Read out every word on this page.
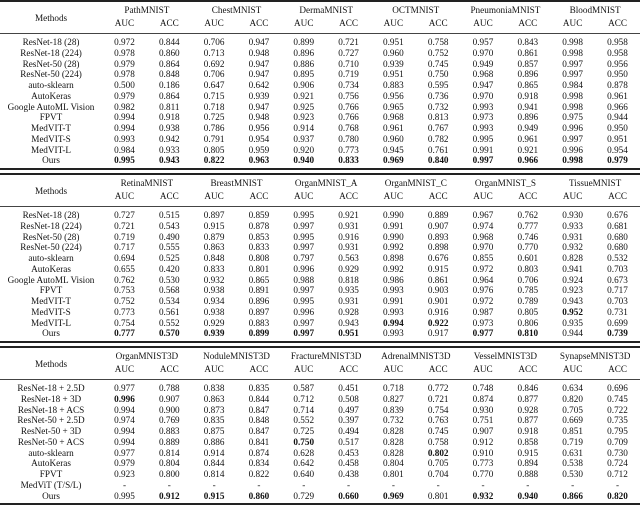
Methods	PathMNIST		ChestMNIST		DermaMNIST		OCTMNIST		PneumoniaMNIST		BloodMNIST	
	AUC	ACC	AUC	ACC	AUC	ACC	AUC	ACC	AUC	ACC	AUC	ACC
ResNet-18 (28)	0.972	0.844	0.706	0.947	0.899	0.721	0.951	0.758	0.957	0.843	0.998	0.958
ResNet-18 (224)	0.978	0.860	0.713	0.948	0.896	0.727	0.960	0.752	0.970	0.861	0.998	0.958
ResNet-50 (28)	0.979	0.864	0.692	0.947	0.886	0.710	0.939	0.745	0.949	0.857	0.997	0.956
ResNet-50 (224)	0.978	0.848	0.706	0.947	0.895	0.719	0.951	0.750	0.968	0.896	0.997	0.950
auto-sklearn	0.500	0.186	0.647	0.642	0.906	0.734	0.883	0.595	0.947	0.865	0.984	0.878
AutoKeras	0.979	0.864	0.715	0.939	0.921	0.756	0.956	0.736	0.970	0.918	0.998	0.961
Google AutoML Vision	0.982	0.811	0.718	0.947	0.925	0.766	0.965	0.732	0.993	0.941	0.998	0.966
FPVT	0.994	0.918	0.725	0.948	0.923	0.766	0.968	0.813	0.973	0.896	0.975	0.944
MedVIT-T	0.994	0.938	0.786	0.956	0.914	0.768	0.961	0.767	0.993	0.949	0.996	0.950
MedVIT-S	0.993	0.942	0.791	0.954	0.937	0.780	0.960	0.782	0.995	0.961	0.997	0.951
MedVIT-L	0.984	0.933	0.805	0.959	0.920	0.773	0.945	0.761	0.991	0.921	0.996	0.954
Ours	0.995	0.943	0.822	0.963	0.940	0.833	0.969	0.840	0.997	0.966	0.998	0.979
Methods	RetinaMNIST		BreastMNIST		OrganMNIST_A		OrganMNIST_C		OrganMNIST_S		TissueMNIST	
	AUC	ACC	AUC	ACC	AUC	ACC	AUC	ACC	AUC	ACC	AUC	ACC
ResNet-18 (28)	0.727	0.515	0.897	0.859	0.995	0.921	0.990	0.889	0.967	0.762	0.930	0.676
ResNet-18 (224)	0.721	0.543	0.915	0.878	0.997	0.931	0.991	0.907	0.974	0.777	0.933	0.681
ResNet-50 (28)	0.719	0.490	0.879	0.853	0.995	0.916	0.990	0.893	0.968	0.746	0.931	0.680
ResNet-50 (224)	0.717	0.555	0.863	0.833	0.997	0.931	0.992	0.898	0.970	0.770	0.932	0.680
auto-sklearn	0.694	0.525	0.848	0.808	0.797	0.563	0.898	0.676	0.855	0.601	0.828	0.532
AutoKeras	0.655	0.420	0.833	0.801	0.996	0.929	0.992	0.915	0.972	0.803	0.941	0.703
Google AutoML Vision	0.762	0.530	0.932	0.865	0.988	0.818	0.986	0.861	0.964	0.706	0.924	0.673
FPVT	0.753	0.568	0.938	0.891	0.997	0.935	0.993	0.903	0.976	0.785	0.923	0.717
MedVIT-T	0.752	0.534	0.934	0.896	0.995	0.931	0.991	0.901	0.972	0.789	0.943	0.703
MedVIT-S	0.773	0.561	0.938	0.897	0.996	0.928	0.993	0.916	0.987	0.805	0.952	0.731
MedVIT-L	0.754	0.552	0.929	0.883	0.997	0.943	0.994	0.922	0.973	0.806	0.935	0.699
Ours	0.777	0.570	0.939	0.899	0.997	0.951	0.993	0.917	0.977	0.810	0.944	0.739
Methods	OrganMNIST3D		NoduleMNIST3D		FractureMNIST3D		AdrenalMNIST3D		VesselMNIST3D		SynapseMNIST3D	
	AUC	ACC	AUC	ACC	AUC	ACC	AUC	ACC	AUC	ACC	AUC	ACC
ResNet-18 + 2.5D	0.977	0.788	0.838	0.835	0.587	0.451	0.718	0.772	0.748	0.846	0.634	0.696
ResNet-18 + 3D	0.996	0.907	0.863	0.844	0.712	0.508	0.827	0.721	0.874	0.877	0.820	0.745
ResNet-18 + ACS	0.994	0.900	0.873	0.847	0.714	0.497	0.839	0.754	0.930	0.928	0.705	0.722
ResNet-50 + 2.5D	0.974	0.769	0.835	0.848	0.552	0.397	0.732	0.763	0.751	0.877	0.669	0.735
ResNet-50 + 3D	0.994	0.883	0.875	0.847	0.725	0.494	0.828	0.745	0.907	0.918	0.851	0.795
ResNet-50 + ACS	0.994	0.889	0.886	0.841	0.750	0.517	0.828	0.758	0.912	0.858	0.719	0.709
auto-sklearn	0.977	0.814	0.914	0.874	0.628	0.453	0.828	0.802	0.910	0.915	0.631	0.730
AutoKeras	0.979	0.804	0.844	0.834	0.642	0.458	0.804	0.705	0.773	0.894	0.538	0.724
FPVT	0.923	0.800	0.814	0.822	0.640	0.438	0.801	0.704	0.770	0.888	0.530	0.712
MedViT (T/S/L)	-	-	-	-	-	-	-	-	-	-	-	-
Ours	0.995	0.912	0.915	0.860	0.729	0.660	0.969	0.801	0.932	0.940	0.866	0.820
